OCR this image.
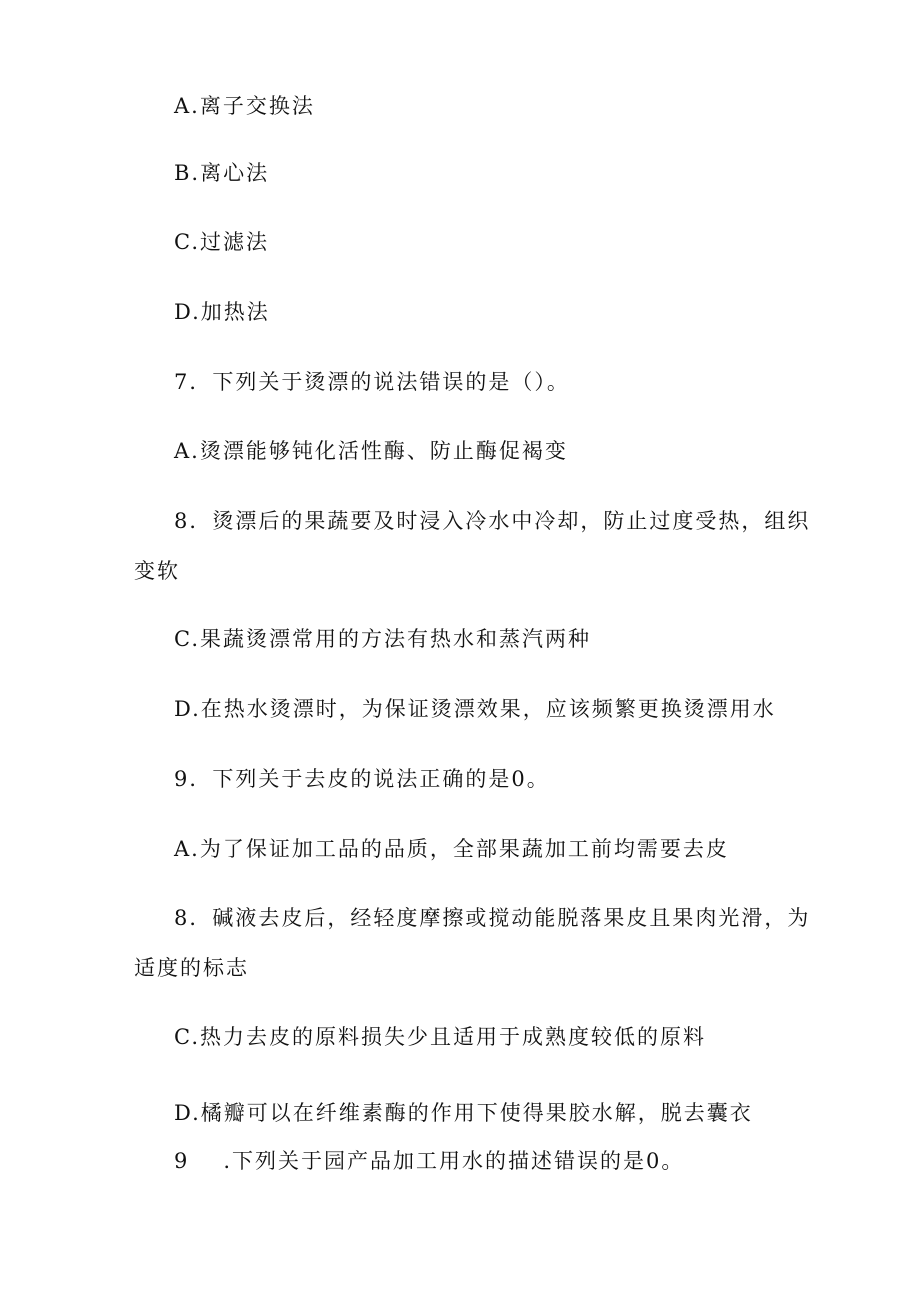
A.离子交换法
B.离心法
C.过滤法
D.加热法
7．下列关于烫漂的说法错误的是（）。
A.烫漂能够钝化活性酶、防止酶促褐变
8．烫漂后的果蔬要及时浸入冷水中冷却，防止过度受热，组织
变软
C.果蔬烫漂常用的方法有热水和蒸汽两种
D.在热水烫漂时，为保证烫漂效果，应该频繁更换烫漂用水
9．下列关于去皮的说法正确的是0。
A.为了保证加工品的品质，全部果蔬加工前均需要去皮
8．碱液去皮后，经轻度摩擦或搅动能脱落果皮且果肉光滑，为
适度的标志
C.热力去皮的原料损失少且适用于成熟度较低的原料
D.橘瓣可以在纤维素酶的作用下使得果胶水解，脱去囊衣
9 .下列关于园产品加工用水的描述错误的是0。
